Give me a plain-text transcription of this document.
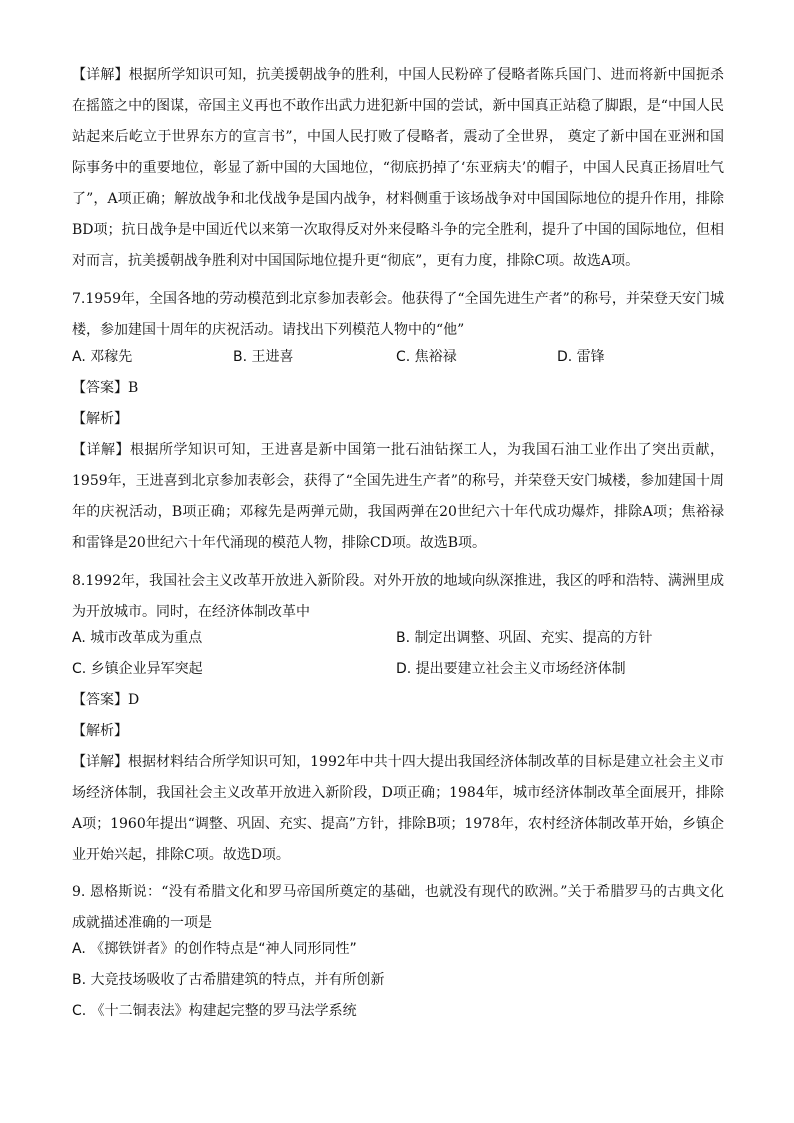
【详解】根据所学知识可知，抗美援朝战争的胜利，中国人民粉碎了侵略者陈兵国门、进而将新中国扼杀在摇篮之中的图谋，帝国主义再也不敢作出武力进犯新中国的尝试，新中国真正站稳了脚跟，是“中国人民站起来后屹立于世界东方的宣言书”，中国人民打败了侵略者，震动了全世界， 奠定了新中国在亚洲和国际事务中的重要地位，彰显了新中国的大国地位，“彻底扔掉了‘东亚病夫’的帽子，中国人民真正扬眉吐气了”，A项正确；解放战争和北伐战争是国内战争，材料侧重于该场战争对中国国际地位的提升作用，排除BD项；抗日战争是中国近代以来第一次取得反对外来侵略斗争的完全胜利，提升了中国的国际地位，但相对而言，抗美援朝战争胜利对中国国际地位提升更“彻底”，更有力度，排除C项。故选A项。
7.1959年，全国各地的劳动模范到北京参加表彰会。他获得了“全国先进生产者”的称号，并荣登天安门城楼，参加建国十周年的庆祝活动。请找出下列模范人物中的“他”
A. 邓稼先	B. 王进喜	C. 焦裕禄	D. 雷锋
【答案】B
【解析】
【详解】根据所学知识可知，王进喜是新中国第一批石油钻探工人，为我国石油工业作出了突出贡献，1959年，王进喜到北京参加表彰会，获得了“全国先进生产者”的称号，并荣登天安门城楼，参加建国十周年的庆祝活动，B项正确；邓稼先是两弹元勋，我国两弹在20世纪六十年代成功爆炸，排除A项；焦裕禄和雷锋是20世纪六十年代涌现的模范人物，排除CD项。故选B项。
8.1992年，我国社会主义改革开放进入新阶段。对外开放的地域向纵深推进，我区的呼和浩特、满洲里成为开放城市。同时，在经济体制改革中
A. 城市改革成为重点	B. 制定出调整、巩固、充实、提高的方针
C. 乡镇企业异军突起	D. 提出要建立社会主义市场经济体制
【答案】D
【解析】
【详解】根据材料结合所学知识可知，1992年中共十四大提出我国经济体制改革的目标是建立社会主义市场经济体制，我国社会主义改革开放进入新阶段，D项正确；1984年，城市经济体制改革全面展开，排除A项；1960年提出“调整、巩固、充实、提高”方针，排除B项；1978年，农村经济体制改革开始，乡镇企业开始兴起，排除C项。故选D项。
9. 恩格斯说：“没有希腊文化和罗马帝国所奠定的基础，也就没有现代的欧洲。”关于希腊罗马的古典文化成就描述准确的一项是
A. 《掷铁饼者》的创作特点是“神人同形同性”
B. 大竞技场吸收了古希腊建筑的特点，并有所创新
C. 《十二铜表法》构建起完整的罗马法学系统
